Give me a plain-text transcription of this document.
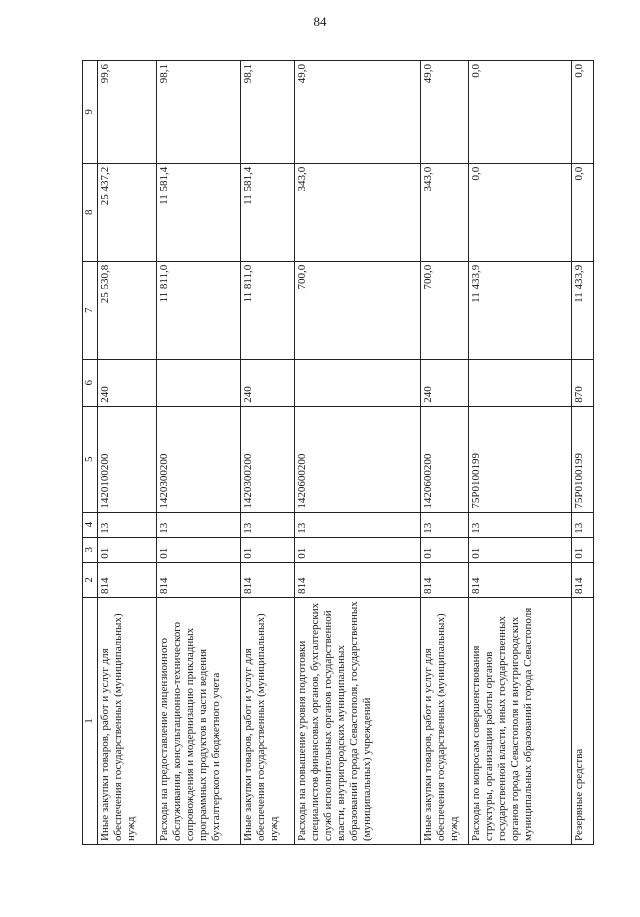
84
1	2	3	4	5	6	7	8	9
Иные закупки товаров, работ и услуг для обеспечения государственных (муниципальных) нужд	814	01	13	1420100200	240	25 530,8	25 437,2	99,6
Расходы на предоставление лицензионного обслуживания, консультационно-технического сопровождения и модернизацию прикладных программных продуктов в части ведения бухгалтерского и бюджетного учета	814	01	13	1420300200		11 811,0	11 581,4	98,1
Иные закупки товаров, работ и услуг для обеспечения государственных (муниципальных) нужд	814	01	13	1420300200	240	11 811,0	11 581,4	98,1
Расходы на повышение уровня подготовки специалистов финансовых органов, бухгалтерских служб исполнительных органов государственной власти, внутригородских муниципальных образований города Севастополя, государственных (муниципальных) учреждений	814	01	13	1420600200		700,0	343,0	49,0
Иные закупки товаров, работ и услуг для обеспечения государственных (муниципальных) нужд	814	01	13	1420600200	240	700,0	343,0	49,0
Расходы по вопросам совершенствования структуры, организации работы органов государственной власти, иных государственных органов города Севастополя и внутригородских муниципальных образований города Севастополя	814	01	13	75Р0100199		11 433,9	0,0	0,0
Резервные средства	814	01	13	75Р0100199	870	11 433,9	0,0	0,0
